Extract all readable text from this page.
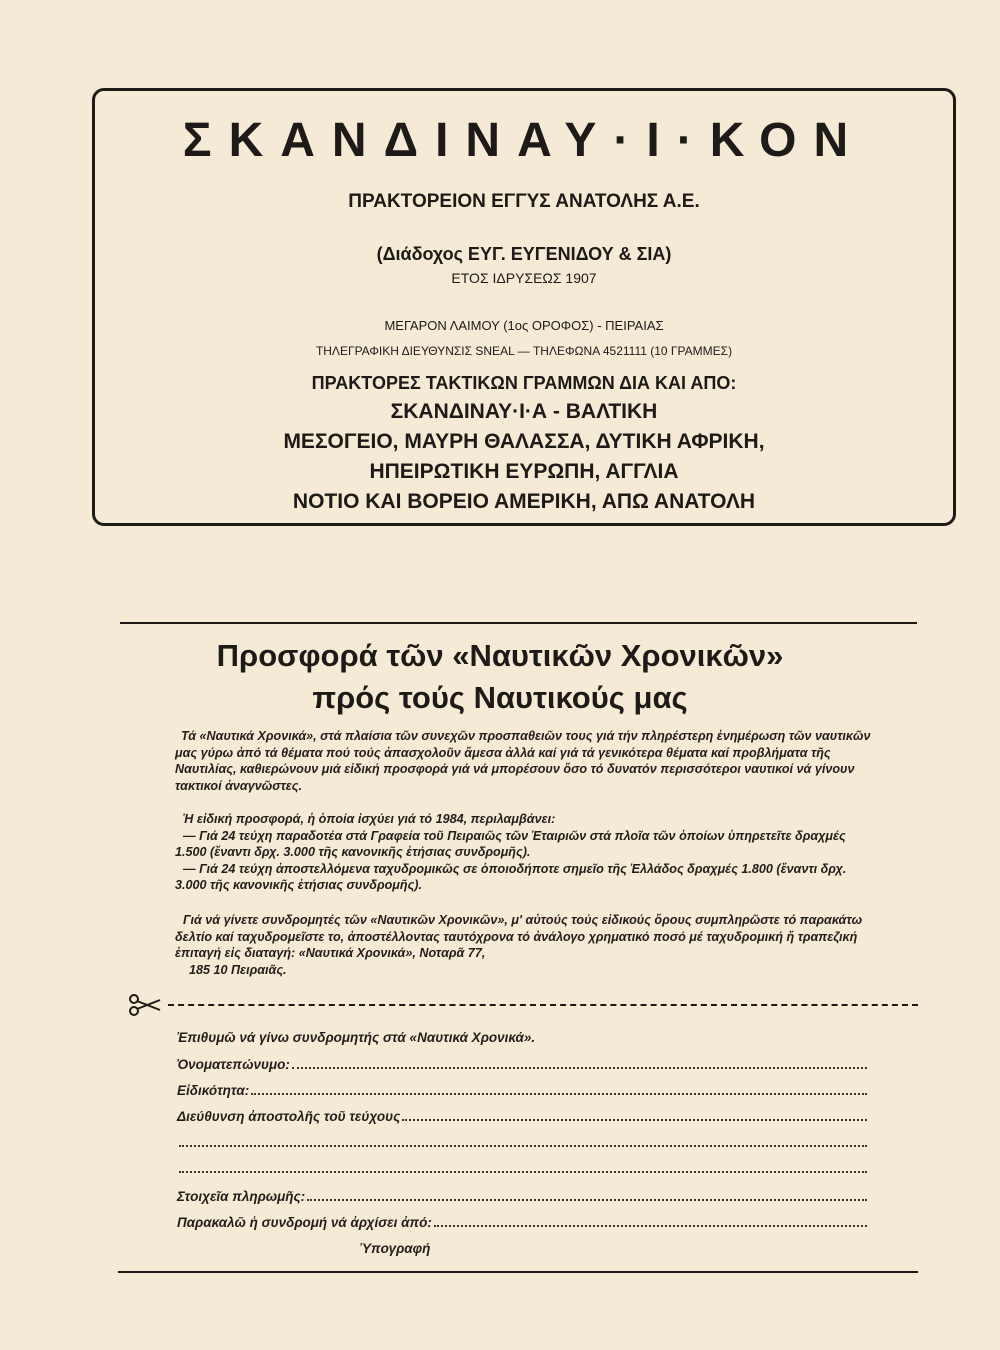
ΣΚΑΝΔΙΝΑΥ·Ι·ΚΟΝ
ΠΡΑΚΤΟΡΕΙΟΝ ΕΓΓΥΣ ΑΝΑΤΟΛΗΣ Α.Ε.
(Διάδοχος ΕΥΓ. ΕΥΓΕΝΙΔΟΥ & ΣΙΑ)
ΕΤΟΣ ΙΔΡΥΣΕΩΣ 1907
ΜΕΓΑΡΟΝ ΛΑΙΜΟΥ (1ος ΟΡΟΦΟΣ) - ΠΕΙΡΑΙΑΣ
ΤΗΛΕΓΡΑΦΙΚΗ ΔΙΕΥΘΥΝΣΙΣ SNEAL — ΤΗΛΕΦΩΝΑ 4521111 (10 ΓΡΑΜΜΕΣ)
ΠΡΑΚΤΟΡΕΣ ΤΑΚΤΙΚΩΝ ΓΡΑΜΜΩΝ ΔΙΑ ΚΑΙ ΑΠΟ:
ΣΚΑΝΔΙΝΑΥ·Ι·Α - ΒΑΛΤΙΚΗ
ΜΕΣΟΓΕΙΟ, ΜΑΥΡΗ ΘΑΛΑΣΣΑ, ΔΥΤΙΚΗ ΑΦΡΙΚΗ,
ΗΠΕΙΡΩΤΙΚΗ ΕΥΡΩΠΗ, ΑΓΓΛΙΑ
ΝΟΤΙΟ ΚΑΙ ΒΟΡΕΙΟ ΑΜΕΡΙΚΗ, ΑΠΩ ΑΝΑΤΟΛΗ
Προσφορά τῶν «Ναυτικῶν Χρονικῶν»
πρός τούς Ναυτικούς μας
Τά «Ναυτικά Χρονικά», στά πλαίσια τῶν συνεχῶν προσπαθειῶν τους γιά τήν πληρέστερη ἐνημέρωση τῶν ναυτικῶν μας γύρω ἀπό τά θέματα πού τούς ἀπασχολοῦν ἄμεσα ἀλλά καί γιά τά γενικότερα θέματα καί προβλήματα τῆς Ναυτιλίας, καθιερώνουν μιά εἰδική προσφορά γιά νά μπορέσουν ὅσο τό δυνατόν περισσότεροι ναυτικοί νά γίνουν τακτικοί ἀναγνῶστες.
Ἡ εἰδική προσφορά, ἡ ὁποία ἰσχύει γιά τό 1984, περιλαμβάνει:
— Γιά 24 τεύχη παραδοτέα στά Γραφεία τοῦ Πειραιῶς τῶν Ἑταιριῶν στά πλοῖα τῶν ὁποίων ὑπηρετεῖτε δραχμές 1.500 (ἔναντι δρχ. 3.000 τῆς κανονικῆς ἐτήσιας συνδρομῆς).
— Γιά 24 τεύχη ἀποστελλόμενα ταχυδρομικῶς σε ὁποιοδήποτε σημεῖο τῆς Ἑλλάδος δραχμές 1.800 (ἔναντι δρχ. 3.000 τῆς κανονικῆς ἐτήσιας συνδρομῆς).
Γιά νά γίνετε συνδρομητές τῶν «Ναυτικῶν Χρονικῶν», μ' αὐτούς τούς εἰδικούς ὅρους συμπληρῶστε τό παρακάτω δελτίο καί ταχυδρομεῖστε το, ἀποστέλλοντας ταυτόχρονα τό ἀνάλογο χρηματικό ποσό μέ ταχυδρομική ἤ τραπεζική ἐπιταγή εἰς διαταγή: «Ναυτικά Χρονικά», Νοταρᾶ 77,
185 10 Πειραιᾶς.
Ἐπιθυμῶ νά γίνω συνδρομητής στά «Ναυτικά Χρονικά».
Ὀνοματεπώνυμο:
Εἰδικότητα:
Διεύθυνση ἀποστολῆς τοῦ τεύχους
Στοιχεῖα πληρωμῆς:
Παρακαλῶ ἡ συνδρομή νά ἀρχίσει ἀπό:
Ὑπογραφή
